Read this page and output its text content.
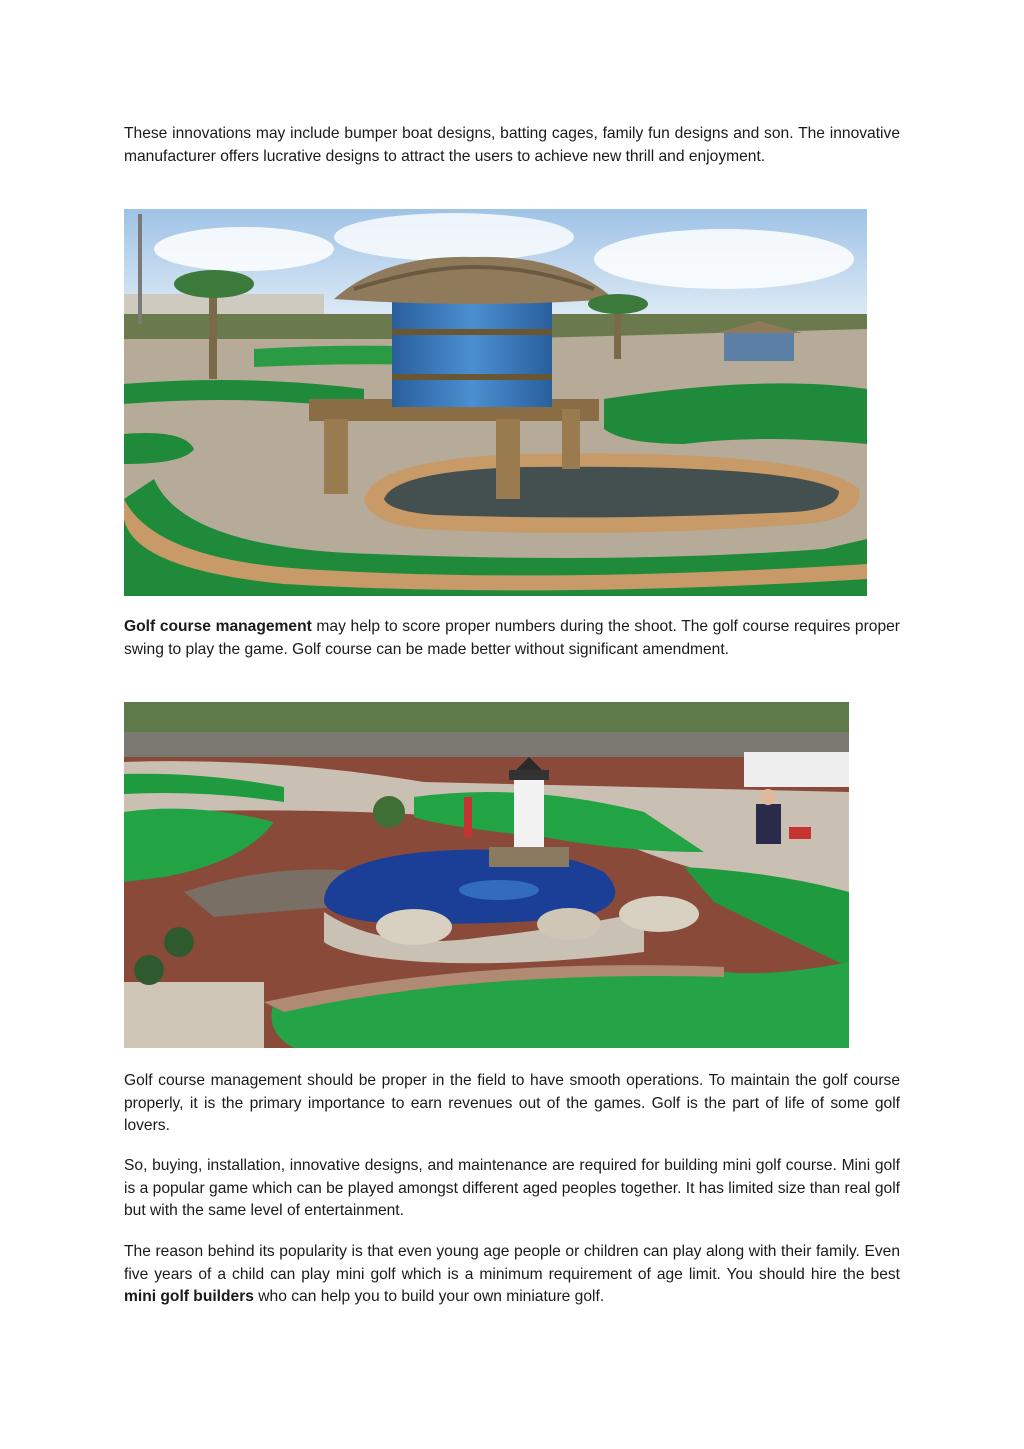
These innovations may include bumper boat designs, batting cages, family fun designs and son. The innovative manufacturer offers lucrative designs to attract the users to achieve new thrill and enjoyment.

Golf course management may help to score proper numbers during the shoot. The golf course requires proper swing to play the game. Golf course can be made better without significant amendment.

Golf course management should be proper in the field to have smooth operations. To maintain the golf course properly, it is the primary importance to earn revenues out of the games. Golf is the part of life of some golf lovers.

So, buying, installation, innovative designs, and maintenance are required for building mini golf course. Mini golf is a popular game which can be played amongst different aged peoples together. It has limited size than real golf but with the same level of entertainment.

The reason behind its popularity is that even young age people or children can play along with their family. Even five years of a child can play mini golf which is a minimum requirement of age limit. You should hire the best mini golf builders who can help you to build your own miniature golf.
